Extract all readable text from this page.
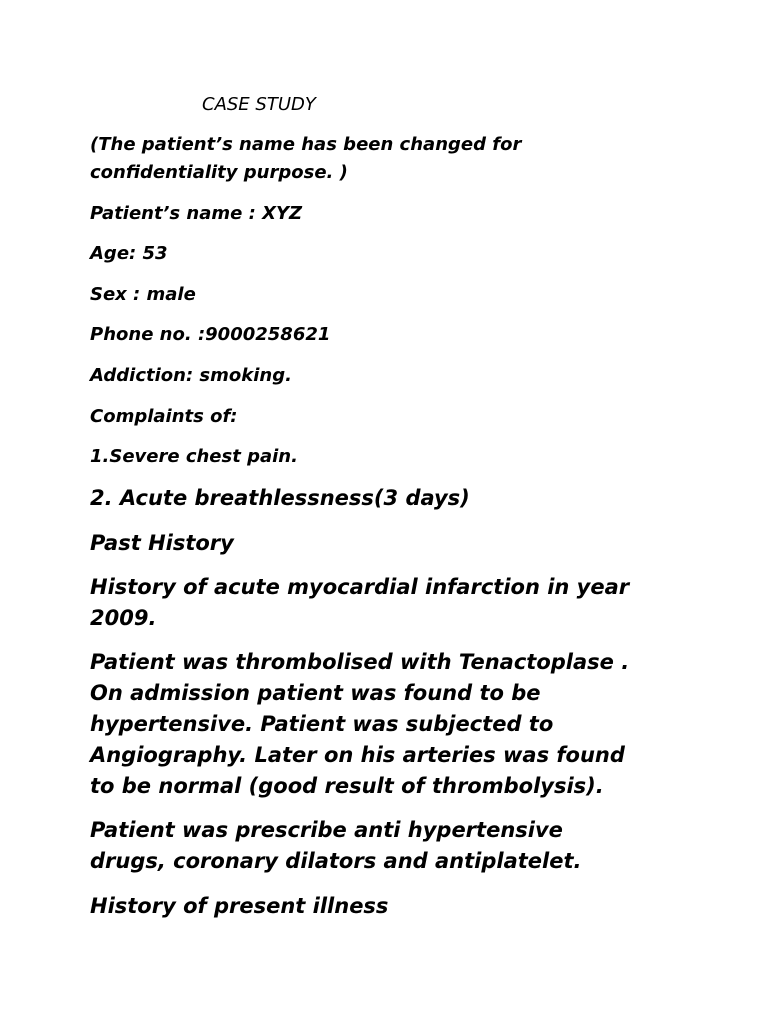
CASE STUDY

(The patient’s name has been changed for
confidentiality purpose. )

Patient’s name : XYZ

Age: 53

Sex : male

Phone no. :9000258621

Addiction: smoking.

Complaints of:

1.Severe chest pain.

2. Acute breathlessness(3 days)

Past History

History of acute myocardial infarction in year
2009.

Patient was thrombolised with Tenactoplase .
On admission patient was found to be
hypertensive. Patient was subjected to
Angiography. Later on his arteries was found
to be normal (good result of thrombolysis).

Patient was prescribe anti hypertensive
drugs, coronary dilators and antiplatelet.

History of present illness
